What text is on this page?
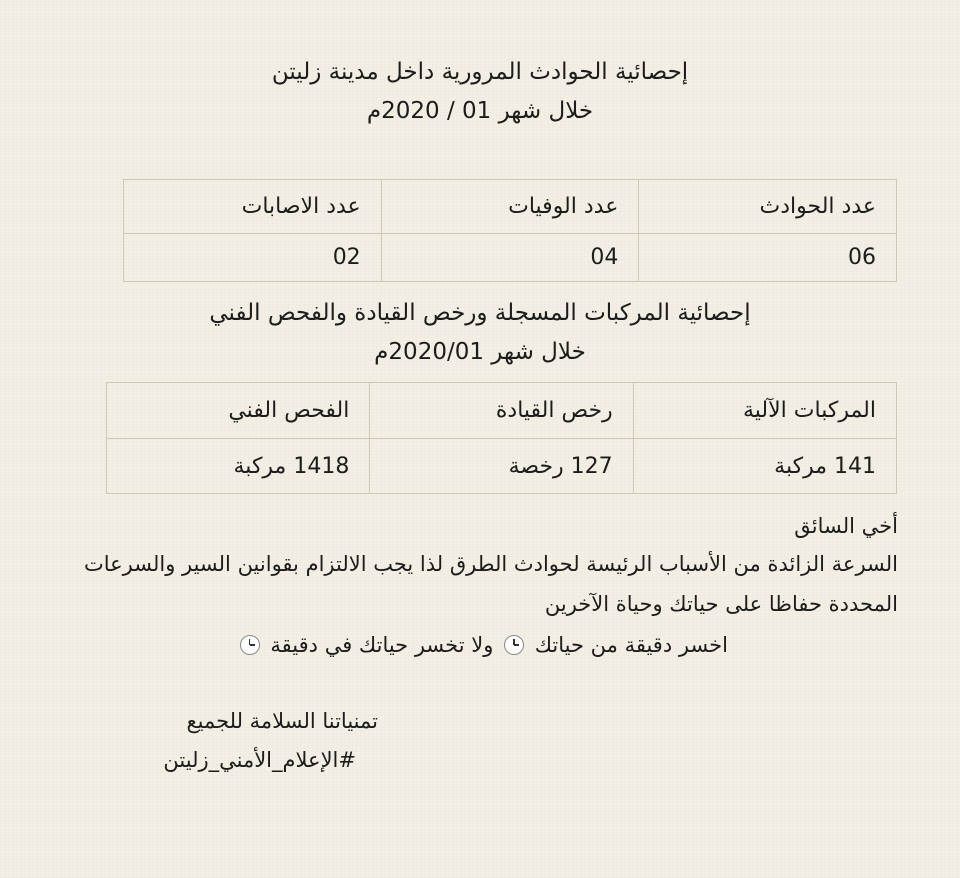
إحصائية الحوادث المرورية داخل مدينة زليتن
خلال شهر 01 / 2020م
عدد الحوادث	عدد الوفيات	عدد الاصابات
06	04	02
إحصائية المركبات المسجلة ورخص القيادة والفحص الفني
خلال شهر 2020/01م
المركبات الآلية	رخص القيادة	الفحص الفني
141 مركبة	127 رخصة	1418 مركبة
أخي السائق
السرعة الزائدة من الأسباب الرئيسة لحوادث الطرق لذا يجب الالتزام بقوانين السير والسرعات
المحددة حفاظا على حياتك وحياة الآخرين
اخسر دقيقة من حياتك  ولا تخسر حياتك في دقيقة
تمنياتنا السلامة للجميع
#الإعلام_الأمني_زليتن
